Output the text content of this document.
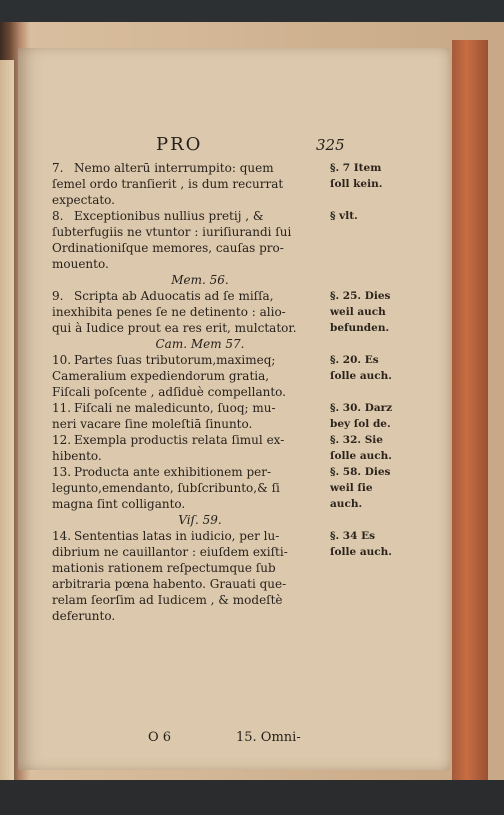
PRO	325
7. Nemo alterū interrumpito: quem
ſemel ordo tranſierit , is dum recurrat
expectato.
8. Exceptionibus nullius pretij , &
ſubterfugiis ne vtuntor : iuriſiurandi ſui
Ordinationiſque memores, cauſas pro-
mouento.
Mem. 56.
9. Scripta ab Aduocatis ad ſe miſſa,
inexhibita penes ſe ne detinento : alio-
qui à Iudice prout ea res erit, mulctator.
Cam. Mem 57.
10. Partes ſuas tributorum,maximeq;
Cameralium expediendorum gratia,
Fiſcali poſcente , adſiduè compellanto.
11. Fiſcali ne maledicunto, ſuoq; mu-
neri vacare ſine moleſtiā ſinunto.
12. Exempla productis relata ſimul ex-
hibento.
13. Producta ante exhibitionem per-
legunto,emendanto, ſubſcribunto,& ſi
magna ſint colliganto.
Viſ. 59.
14. Sententias latas in iudicio, per lu-
dibrium ne cauillantor : eiuſdem exiſti-
mationis rationem reſpectumque ſub
arbitraria pœna habento. Grauati que-
relam ſeorſim ad Iudicem , & modeſtè
deferunto.
§. 7 Item
ſoll kein.
§ vlt.
§. 25. Dies
weil auch
befunden.
§. 20. Es
ſolle auch.
§. 30. Darz
bey ſol de.
§. 32. Sie
ſolle auch.
§. 58. Dies
weil ſie
auch.
§. 34 Es
ſolle auch.
O 6	15. Omni-
